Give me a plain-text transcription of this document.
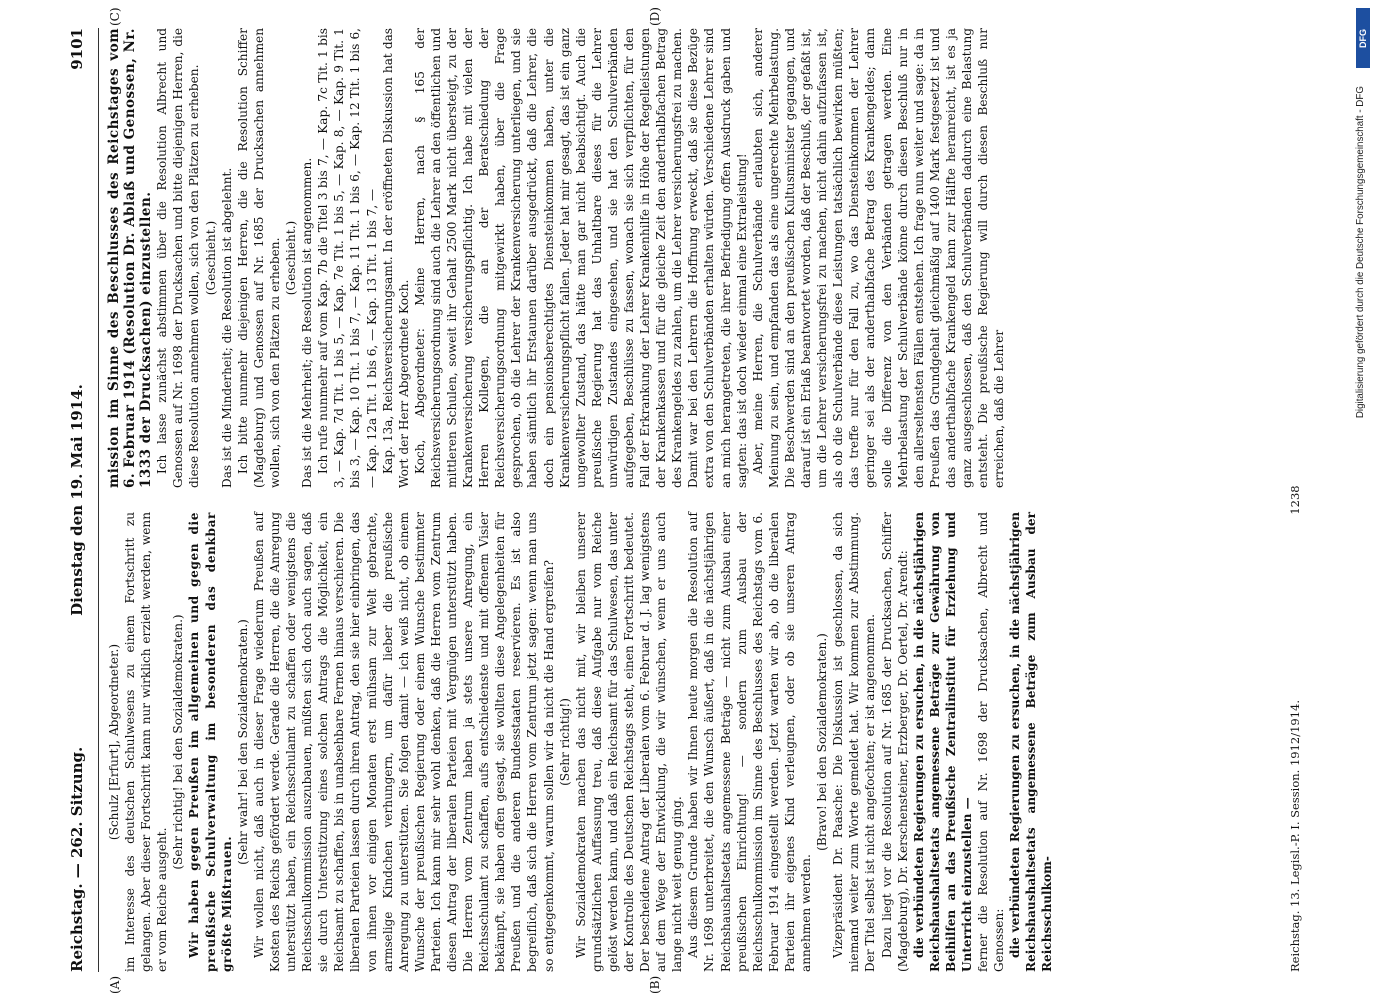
Reichstag. — 262. Sitzung.
Dienstag den 19. Mai 1914.
9101
(A)	(B)
(C)	(D)

(Schulz [Erfurt], Abgeordneter.) im Interesse des deutschen Schulwesens zu einem Fortschritt zu gelangen. Aber dieser Fortschritt kann nur wirklich erzielt werden, wenn er vom Reiche ausgeht.

(Sehr richtig! bei den Sozialdemokraten.) Wir haben gegen Preußen im allgemeinen und gegen die preußische Schulverwaltung im besonderen das denkbar größte Mißtrauen.

(Sehr wahr! bei den Sozialdemokraten.) Wir wollen nicht, daß auch in dieser Frage wiederum Preußen auf Kosten des Reichs gefördert werde. Gerade die Herren, die die Anregung unterstützt haben, ein Reichsschulamt zu schaffen oder wenigstens die Reichsschulkommission auszubauen, müßten sich doch auch sagen, daß sie durch Unterstützung eines solchen Antrags die Möglichkeit, ein Reichsamt zu schaffen, bis in unabsehbare Fernen hinaus verschieren. Die liberalen Parteien lassen durch ihren Antrag, den sie hier einbringen, das von ihnen vor einigen Monaten erst mühsam zur Welt gebrachte, armselige Kindchen verhungern, um dafür lieber die preußische Anregung zu unterstützen. Sie folgen damit — ich weiß nicht, ob einem Wunsche der preußischen Regierung oder einem Wunsche bestimmter Parteien. Ich kann mir sehr wohl denken, daß die Herren vom Zentrum diesen Antrag der liberalen Parteien mit Vergnügen unterstützt haben. Die Herren vom Zentrum haben ja stets unsere Anregung, ein Reichsschulamt zu schaffen, aufs entschiedenste und mit offenem Visier bekämpft, sie haben offen gesagt, sie wollten diese Angelegenheiten für Preußen und die anderen Bundesstaaten reservieren. Es ist also begreiflich, daß sich die Herren vom Zentrum jetzt sagen: wenn man uns so entgegenkommt, warum sollen wir da nicht die Hand ergreifen? (Sehr richtig!) Wir Sozialdemokraten machen das nicht mit, wir bleiben unserer grundsätzlichen Auffassung treu, daß diese Aufgabe nur vom Reiche gelöst werden kann, und daß ein Reichsamt für das Schulwesen, das unter der Kontrolle des Deutschen Reichstags steht, einen Fortschritt bedeutet. Der bescheidene Antrag der Liberalen vom 6. Februar d. J. lag wenigstens auf dem Wege der Entwicklung, die wir wünschen, wenn er uns auch lange nicht weit genug ging. Aus diesem Grunde haben wir Ihnen heute morgen die Resolution auf Nr. 1698 unterbreitet, die den Wunsch äußert, daß in die nächstjährigen Reichshaushaltsetats angemessene Beträge — nicht zum Ausbau einer preußischen Einrichtung! — sondern zum Ausbau der Reichsschulkommission im Sinne des Beschlusses des Reichstags vom 6. Februar 1914 eingestellt werden. Jetzt warten wir ab, ob die liberalen Parteien ihr eigenes Kind verleugnen, oder ob sie unseren Antrag annehmen werden.

(Bravo! bei den Sozialdemokraten.) Vizepräsident Dr. Paasche: Die Diskussion ist geschlossen, da sich niemand weiter zum Worte gemeldet hat. Wir kommen zur Abstimmung. Der Titel selbst ist nicht angefochten; er ist angenommen. Dazu liegt vor die Resolution auf Nr. 1685 der Drucksachen, Schiffer (Magdeburg), Dr. Kerschensteiner, Erzberger, Dr. Oertel, Dr. Arendt: die verbündeten Regierungen zu ersuchen, in die nächstjährigen Reichshaushaltsetats angemessene Beträge zur Gewährung von Beihilfen an das Preußische Zentralinstitut für Erziehung und Unterricht einzustellen — ferner die Resolution auf Nr. 1698 der Drucksachen, Albrecht und Genossen: die verbündeten Regierungen zu ersuchen, in die nächstjährigen Reichshaushaltsetats angemessene Beträge zum Ausbau der Reichsschulkom-

mission im Sinne des Beschlusses des Reichstages vom 6. Februar 1914 (Resolution Dr. Ablaß und Genossen, Nr. 1333 der Drucksachen) einzustellen. Ich lasse zunächst abstimmen über die Resolution Albrecht und Genossen auf Nr. 1698 der Drucksachen und bitte diejenigen Herren, die diese Resolution annehmen wollen, sich von den Plätzen zu erheben. (Geschieht.) Das ist die Minderheit; die Resolution ist abgelehnt. Ich bitte nunmehr diejenigen Herren, die die Resolution Schiffer (Magdeburg) und Genossen auf Nr. 1685 der Drucksachen annehmen wollen, sich von den Plätzen zu erheben. (Geschieht.) Das ist die Mehrheit; die Resolution ist angenommen. Ich rufe nunmehr auf vom Kap. 7b die Titel 3 bis 7, — Kap. 7c Tit. 1 bis 3, — Kap. 7d Tit. 1 bis 5, — Kap. 7e Tit. 1 bis 5, — Kap. 8, — Kap. 9 Tit. 1 bis 3, — Kap. 10 Tit. 1 bis 7, — Kap. 11 Tit. 1 bis 6, — Kap. 12 Tit. 1 bis 6, — Kap. 12a Tit. 1 bis 6, — Kap. 13 Tit. 1 bis 7, — Kap. 13a, Reichsversicherungsamt. In der eröffneten Diskussion hat das Wort der Herr Abgeordnete Koch. Koch, Abgeordneter: Meine Herren, nach § 165 der Reichsversicherungsordnung sind auch die Lehrer an den öffentlichen und mittleren Schulen, soweit ihr Gehalt 2500 Mark nicht übersteigt, zu der Krankenversicherung versicherungspflichtig. Ich habe mit vielen der Herren Kollegen, die an der Beratschiedung der Reichsversicherungsordnung mitgewirkt haben, über die Frage gesprochen, ob die Lehrer der Krankenversicherung unterliegen, und sie haben sämtlich ihr Erstaunen darüber ausgedrückt, daß die Lehrer, die doch ein pensionsberechtigtes Diensteinkommen haben, unter die Krankenversicherungspflicht fallen. Jeder hat mir gesagt, das ist ein ganz ungewollter Zustand, das hätte man gar nicht beabsichtigt. Auch die preußische Regierung hat das Unhaltbare dieses für die Lehrer unwürdigen Zustandes eingesehen, und sie hat den Schulverbänden aufgegeben, Beschlüsse zu fassen, wonach sie sich verpflichten, für den Fall der Erkrankung der Lehrer Krankenhilfe in Höhe der Regelleistungen der Krankenkassen und für die gleiche Zeit den anderthalbfachen Betrag des Krankengeldes zu zahlen, um die Lehrer versicherungsfrei zu machen. Damit war bei den Lehrern die Hoffnung erweckt, daß sie diese Bezüge extra von den Schulverbänden erhalten würden. Verschiedene Lehrer sind an mich herangetreten, die ihrer Befriedigung offen Ausdruck gaben und sagten: das ist doch wieder einmal eine Extraleistung! Aber, meine Herren, die Schulverbände erlaubten sich, anderer Meinung zu sein, und empfanden das als eine ungerechte Mehrbelastung. Die Beschwerden sind an den preußischen Kultusminister gegangen, und darauf ist ein Erlaß beantwortet worden, daß der Beschluß, der gefaßt ist, um die Lehrer versicherungsfrei zu machen, nicht dahin aufzufassen ist, als ob die Schulverbände diese Leistungen tatsächlich bewirken müßten; das treffe nur für den Fall zu, wo das Diensteinkommen der Lehrer geringer sei als der anderthalbfache Betrag des Krankengeldes; dann solle die Differenz von den Verbänden getragen werden. Eine Mehrbelastung der Schulverbände könne durch diesen Beschluß nur in den allerseltensten Fällen entstehen. Ich frage nun weiter und sage: da in Preußen das Grundgehalt gleichmäßig auf 1400 Mark festgesetzt ist und das anderthalbfache Krankengeld kann zur Hälfte heranreicht, ist es ja ganz ausgeschlossen, daß den Schulverbänden dadurch eine Belastung entsteht. Die preußische Regierung will durch diesen Beschluß nur erreichen, daß die Lehrer

Reichstag. 13. Legisl.-P. I. Session. 1912/1914.
1238
Digitalisierung gefördert durch die Deutsche Forschungsgemeinschaft - DFG
DFG
